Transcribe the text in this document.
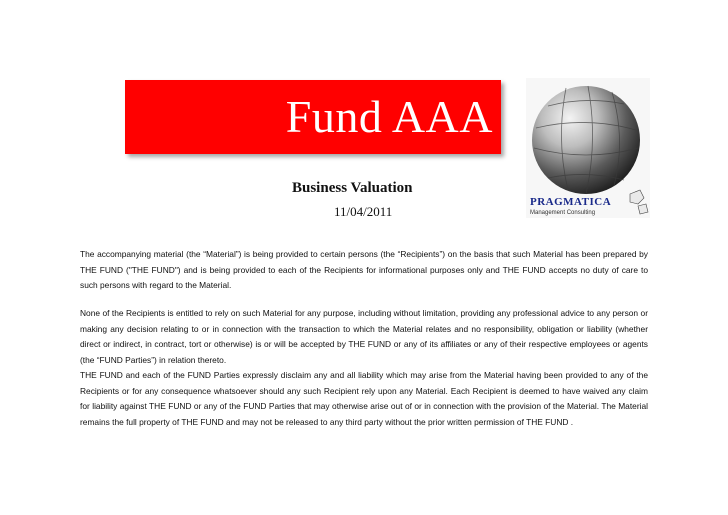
Fund AAA
Business Valuation
11/04/2011
PRAGMATICA
Management Consulting
The accompanying material (the “Material”) is being provided to certain persons (the “Recipients”) on the basis that such Material has been prepared by THE FUND ("THE FUND") and is being provided to each of the Recipients for informational purposes only and THE FUND accepts no duty of care to such persons with regard to the Material.
None of the Recipients is entitled to rely on such Material for any purpose, including without limitation, providing any professional advice to any person or making any decision relating to or in connection with the transaction to which the Material relates and no responsibility, obligation or liability (whether direct or indirect, in contract, tort or otherwise) is or will be accepted by THE FUND or any of its affiliates or any of their respective employees or agents (the “FUND Parties”) in relation thereto.
THE FUND and each of the FUND Parties expressly disclaim any and all liability which may arise from the Material having been provided to any of the Recipients or for any consequence whatsoever should any such Recipient rely upon any Material. Each Recipient is deemed to have waived any claim for liability against THE FUND or any of the FUND Parties that may otherwise arise out of or in connection with the provision of the Material. The Material remains the full property of THE FUND and may not be released to any third party without the prior written permission of THE FUND .
